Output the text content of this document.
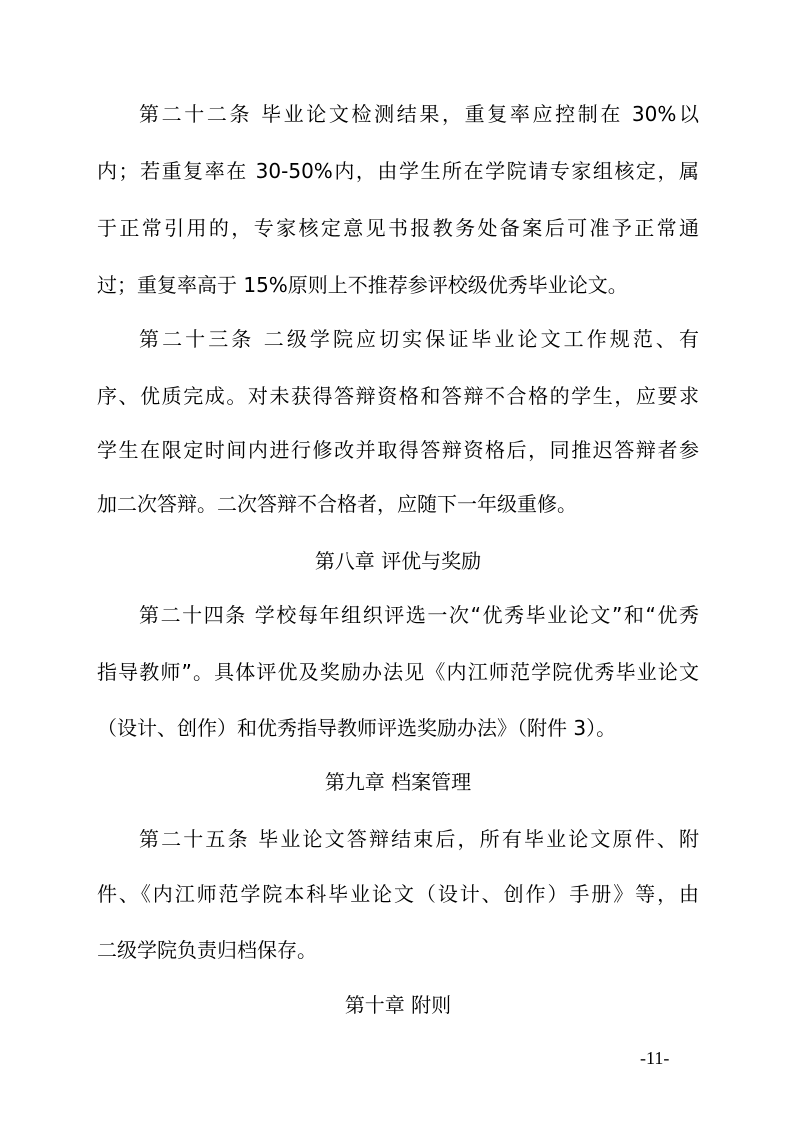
第二十二条 毕业论文检测结果，重复率应控制在 30%以
内；若重复率在 30-50%内，由学生所在学院请专家组核定，属
于正常引用的，专家核定意见书报教务处备案后可准予正常通
过；重复率高于 15%原则上不推荐参评校级优秀毕业论文。
第二十三条 二级学院应切实保证毕业论文工作规范、有
序、优质完成。对未获得答辩资格和答辩不合格的学生，应要求
学生在限定时间内进行修改并取得答辩资格后，同推迟答辩者参
加二次答辩。二次答辩不合格者，应随下一年级重修。
第八章 评优与奖励
第二十四条 学校每年组织评选一次“优秀毕业论文”和“优秀
指导教师”。具体评优及奖励办法见《内江师范学院优秀毕业论文
（设计、创作）和优秀指导教师评选奖励办法》（附件 3）。
第九章 档案管理
第二十五条 毕业论文答辩结束后，所有毕业论文原件、附
件、《内江师范学院本科毕业论文（设计、创作）手册》等，由
二级学院负责归档保存。
第十章 附则
-11-
